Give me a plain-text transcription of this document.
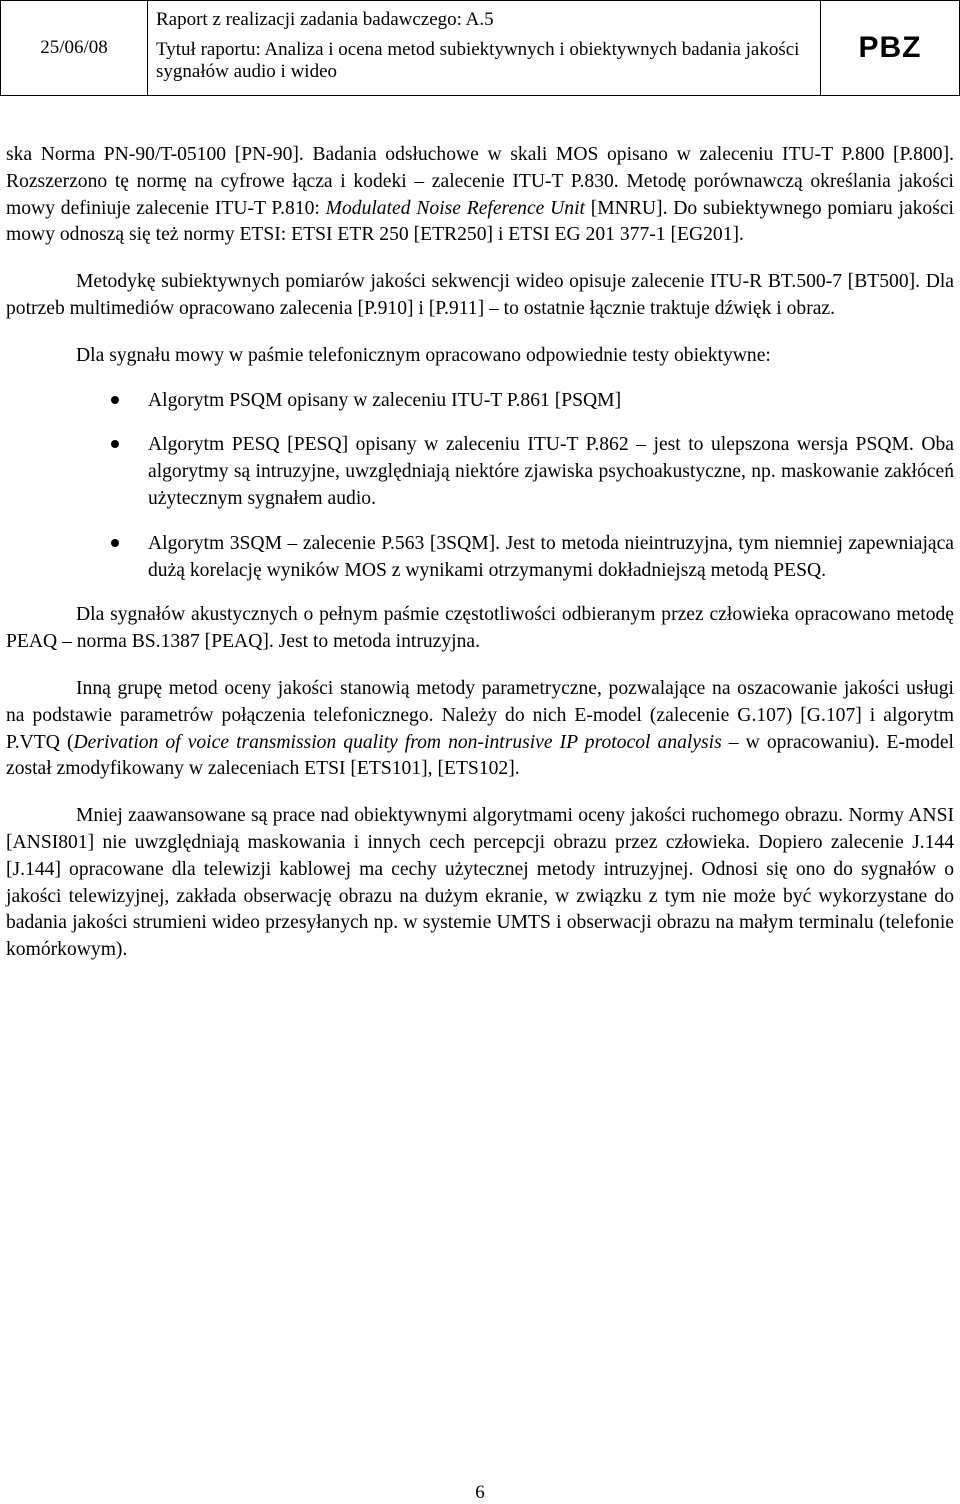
25/06/08	
Raport z realizacji zadania badawczego: A.5
Tytuł raportu: Analiza i ocena metod subiektywnych i obiektywnych badania jakości sygnałów audio i wideo
	PBZ

ska Norma PN-90/T-05100 [PN-90]. Badania odsłuchowe w skali MOS opisano w zaleceniu ITU-T P.800 [P.800]. Rozszerzono tę normę na cyfrowe łącza i kodeki – zalecenie ITU-T P.830. Metodę porównawczą określania jakości mowy definiuje zalecenie ITU-T P.810: Modulated Noise Reference Unit [MNRU]. Do subiektywnego pomiaru jakości mowy odnoszą się też normy ETSI: ETSI ETR 250 [ETR250] i ETSI EG 201 377-1 [EG201].

Metodykę subiektywnych pomiarów jakości sekwencji wideo opisuje zalecenie ITU-R BT.500-7 [BT500]. Dla potrzeb multimediów opracowano zalecenia [P.910] i [P.911] – to ostatnie łącznie traktuje dźwięk i obraz.

Dla sygnału mowy w paśmie telefonicznym opracowano odpowiednie testy obiektywne:

Algorytm PSQM opisany w zaleceniu ITU-T P.861 [PSQM]
Algorytm PESQ [PESQ] opisany w zaleceniu ITU-T P.862 – jest to ulepszona wersja PSQM. Oba algorytmy są intruzyjne, uwzględniają niektóre zjawiska psychoakustyczne, np. maskowanie zakłóceń użytecznym sygnałem audio.
Algorytm 3SQM – zalecenie P.563 [3SQM]. Jest to metoda nieintruzyjna, tym niemniej zapewniająca dużą korelację wyników MOS z wynikami otrzymanymi dokładniejszą metodą PESQ.

Dla sygnałów akustycznych o pełnym paśmie częstotliwości odbieranym przez człowieka opracowano metodę PEAQ – norma BS.1387 [PEAQ]. Jest to metoda intruzyjna.

Inną grupę metod oceny jakości stanowią metody parametryczne, pozwalające na oszacowanie jakości usługi na podstawie parametrów połączenia telefonicznego. Należy do nich E-model (zalecenie G.107) [G.107] i algorytm P.VTQ (Derivation of voice transmission quality from non-intrusive IP protocol analysis – w opracowaniu). E-model został zmodyfikowany w zaleceniach ETSI [ETS101], [ETS102].

Mniej zaawansowane są prace nad obiektywnymi algorytmami oceny jakości ruchomego obrazu. Normy ANSI [ANSI801] nie uwzględniają maskowania i innych cech percepcji obrazu przez człowieka. Dopiero zalecenie J.144 [J.144] opracowane dla telewizji kablowej ma cechy użytecznej metody intruzyjnej. Odnosi się ono do sygnałów o jakości telewizyjnej, zakłada obserwację obrazu na dużym ekranie, w związku z tym nie może być wykorzystane do badania jakości strumieni wideo przesyłanych np. w systemie UMTS i obserwacji obrazu na małym terminalu (telefonie komórkowym).

6
